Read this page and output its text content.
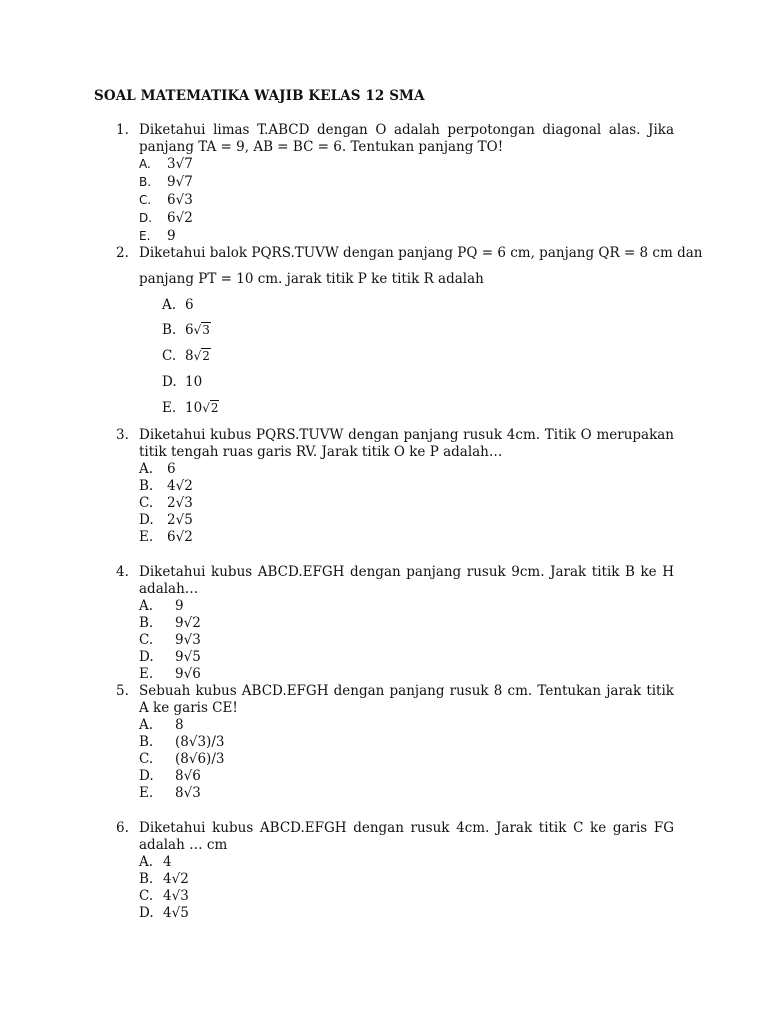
SOAL MATEMATIKA WAJIB KELAS 12 SMA
1. Diketahui limas T.ABCD dengan O adalah perpotongan diagonal alas. Jika panjang TA = 9, AB = BC = 6. Tentukan panjang TO!
A. 3√7
B. 9√7
C. 6√3
D. 6√2
E. 9
2. Diketahui balok PQRS.TUVW dengan panjang PQ = 6 cm, panjang QR = 8 cm dan
panjang PT = 10 cm. jarak titik P ke titik R adalah
A. 6
B. 6√3
C. 8√2
D. 10
E. 10√2
3. Diketahui kubus PQRS.TUVW dengan panjang rusuk 4cm. Titik O merupakan titik tengah ruas garis RV. Jarak titik O ke P adalah…
A. 6
B. 4√2
C. 2√3
D. 2√5
E. 6√2
4. Diketahui kubus ABCD.EFGH dengan panjang rusuk 9cm. Jarak titik B ke H adalah…
A. 9
B. 9√2
C. 9√3
D. 9√5
E. 9√6
5. Sebuah kubus ABCD.EFGH dengan panjang rusuk 8 cm. Tentukan jarak titik A ke garis CE!
A. 8
B. (8√3)/3
C. (8√6)/3
D. 8√6
E. 8√3
6. Diketahui kubus ABCD.EFGH dengan rusuk 4cm. Jarak titik C ke garis FG adalah … cm
A. 4
B. 4√2
C. 4√3
D. 4√5
